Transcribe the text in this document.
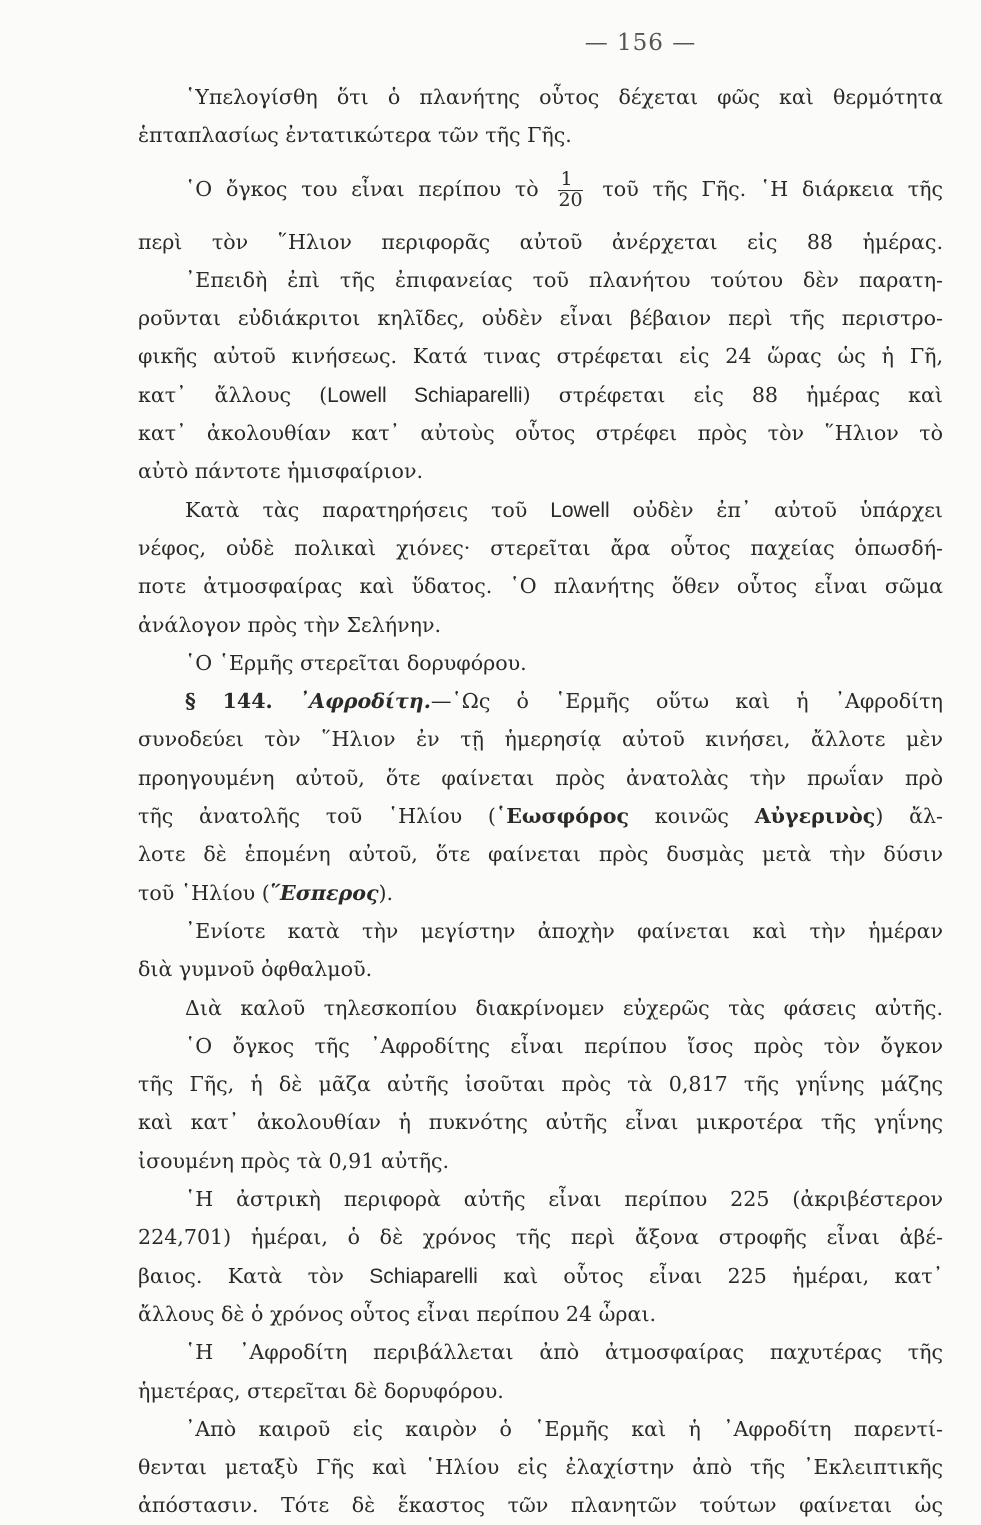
— 156 —
῾Υπελογίσθη ὅτι ὁ πλανήτης οὗτος δέχεται φῶς καὶ θερμότητα
ἑπταπλασίως ἐντατικώτερα τῶν τῆς Γῆς.
῾Ο ὄγκος του εἶναι περίπου τὸ $\frac{1}{20}$ τοῦ τῆς Γῆς. ῾Η διάρκεια τῆς
περὶ τὸν ῞Ηλιον περιφορᾶς αὐτοῦ ἀνέρχεται εἰς 88 ἡμέρας.
᾿Επειδὴ ἐπὶ τῆς ἐπιφανείας τοῦ πλανήτου τούτου δὲν παρατη-
ροῦνται εὐδιάκριτοι κηλῖδες, οὐδὲν εἶναι βέβαιον περὶ τῆς περιστρο-
φικῆς αὐτοῦ κινήσεως. Κατά τινας στρέφεται εἰς 24 ὥρας ὡς ἡ Γῆ,
κατ᾿ ἄλλους (Lowell Schiaparelli) στρέφεται εἰς 88 ἡμέρας καὶ
κατ᾿ ἀκολουθίαν κατ᾿ αὐτοὺς οὗτος στρέφει πρὸς τὸν ῞Ηλιον τὸ
αὐτὸ πάντοτε ἡμισφαίριον.
Κατὰ τὰς παρατηρήσεις τοῦ Lowell οὐδὲν ἐπ᾿ αὐτοῦ ὑπάρχει
νέφος, οὐδὲ πολικαὶ χιόνες· στερεῖται ἄρα οὗτος παχείας ὁπωσδή-
ποτε ἀτμοσφαίρας καὶ ὕδατος. ῾Ο πλανήτης ὅθεν οὗτος εἶναι σῶμα
ἀνάλογον πρὸς τὴν Σελήνην.
῾Ο ῾Ερμῆς στερεῖται δορυφόρου.
§ 144. ᾿Αφροδίτη.—῾Ως ὁ ῾Ερμῆς οὕτω καὶ ἡ ᾿Αφροδίτη
συνοδεύει τὸν ῞Ηλιον ἐν τῇ ἡμερησίᾳ αὐτοῦ κινήσει, ἄλλοτε μὲν
προηγουμένη αὐτοῦ, ὅτε φαίνεται πρὸς ἀνατολὰς τὴν πρωΐαν πρὸ
τῆς ἀνατολῆς τοῦ ῾Ηλίου (῾Εωσφόρος κοινῶς Αὐγερινὸς) ἄλ-
λοτε δὲ ἑπομένη αὐτοῦ, ὅτε φαίνεται πρὸς δυσμὰς μετὰ τὴν δύσιν
τοῦ ῾Ηλίου (῞Εσπερος).
᾿Ενίοτε κατὰ τὴν μεγίστην ἀποχὴν φαίνεται καὶ τὴν ἡμέραν
διὰ γυμνοῦ ὀφθαλμοῦ.
Διὰ καλοῦ τηλεσκοπίου διακρίνομεν εὐχερῶς τὰς φάσεις αὐτῆς.
῾Ο ὄγκος τῆς ᾿Αφροδίτης εἶναι περίπου ἴσος πρὸς τὸν ὄγκον
τῆς Γῆς, ἡ δὲ μᾶζα αὐτῆς ἰσοῦται πρὸς τὰ 0,817 τῆς γηΐνης μάζης
καὶ κατ᾿ ἀκολουθίαν ἡ πυκνότης αὐτῆς εἶναι μικροτέρα τῆς γηΐνης
ἰσουμένη πρὸς τὰ 0,91 αὐτῆς.
῾Η ἀστρικὴ περιφορὰ αὐτῆς εἶναι περίπου 225 (ἀκριβέστερον
224,701) ἡμέραι, ὁ δὲ χρόνος τῆς περὶ ἄξονα στροφῆς εἶναι ἀβέ-
βαιος. Κατὰ τὸν Schiaparelli καὶ οὗτος εἶναι 225 ἡμέραι, κατ᾿
ἄλλους δὲ ὁ χρόνος οὗτος εἶναι περίπου 24 ὧραι.
῾Η ᾿Αφροδίτη περιβάλλεται ἀπὸ ἀτμοσφαίρας παχυτέρας τῆς
ἡμετέρας, στερεῖται δὲ δορυφόρου.
᾿Απὸ καιροῦ εἰς καιρὸν ὁ ῾Ερμῆς καὶ ἡ ᾿Αφροδίτη παρεντί-
θενται μεταξὺ Γῆς καὶ ῾Ηλίου εἰς ἐλαχίστην ἀπὸ τῆς ᾿Εκλειπτικῆς
ἀπόστασιν. Τότε δὲ ἕκαστος τῶν πλανητῶν τούτων φαίνεται ὡς
